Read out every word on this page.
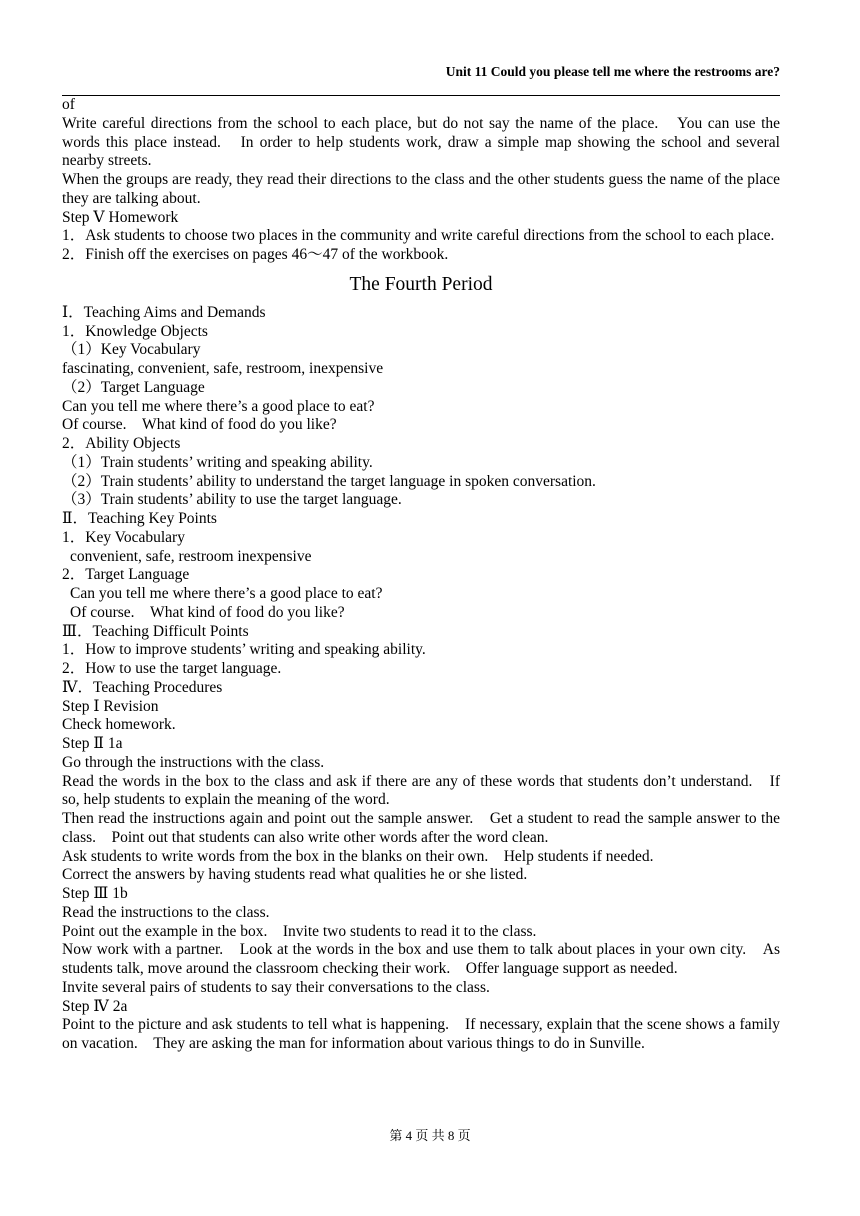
Unit 11 Could you please tell me where the restrooms are?

of

Write careful directions from the school to each place, but do not say the name of the place.　You can use the words this place instead.　In order to help students work, draw a simple map showing the school and several nearby streets.

When the groups are ready, they read their directions to the class and the other students guess the name of the place they are talking about.

Step Ⅴ Homework

1．Ask students to choose two places in the community and write careful directions from the school to each place.

2．Finish off the exercises on pages 46～47 of the workbook.

The Fourth Period

Ⅰ．Teaching Aims and Demands

1．Knowledge Objects

（1）Key Vocabulary

fascinating, convenient, safe, restroom, inexpensive

（2）Target Language

Can you tell me where there’s a good place to eat?

Of course.　What kind of food do you like?

2．Ability Objects

（1）Train students’ writing and speaking ability.

（2）Train students’ ability to understand the target language in spoken conversation.

（3）Train students’ ability to use the target language.

Ⅱ．Teaching Key Points

1．Key Vocabulary

convenient, safe, restroom inexpensive

2．Target Language

Can you tell me where there’s a good place to eat?

Of course.　What kind of food do you like?

Ⅲ．Teaching Difficult Points

1．How to improve students’ writing and speaking ability.

2．How to use the target language.

Ⅳ．Teaching Procedures

Step Ⅰ Revision

Check homework.

Step Ⅱ 1a

Go through the instructions with the class.

Read the words in the box to the class and ask if there are any of these words that students don’t understand.　If so, help students to explain the meaning of the word.

Then read the instructions again and point out the sample answer.　Get a student to read the sample answer to the class.　Point out that students can also write other words after the word clean.

Ask students to write words from the box in the blanks on their own.　Help students if needed.

Correct the answers by having students read what qualities he or she listed.

Step Ⅲ 1b

Read the instructions to the class.

Point out the example in the box.　Invite two students to read it to the class.

Now work with a partner.　Look at the words in the box and use them to talk about places in your own city.　As students talk, move around the classroom checking their work.　Offer language support as needed.

Invite several pairs of students to say their conversations to the class.

Step Ⅳ 2a

Point to the picture and ask students to tell what is happening.　If necessary, explain that the scene shows a family on vacation.　They are asking the man for information about various things to do in Sunville.

第 4 页 共 8 页
